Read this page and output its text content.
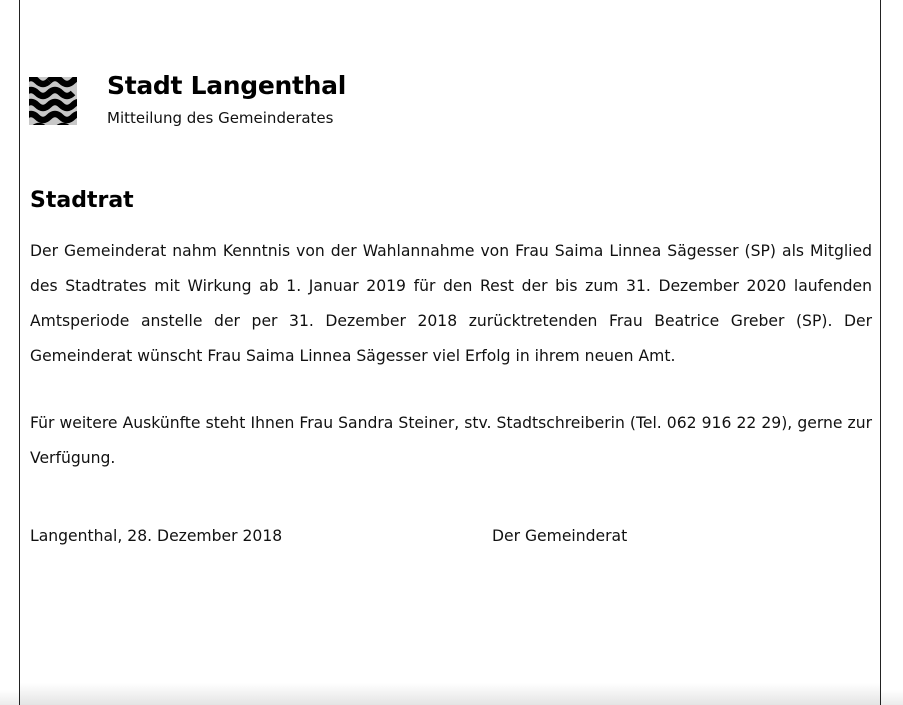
Stadt Langenthal
Mitteilung des Gemeinderates
Stadtrat
Der Gemeinderat nahm Kenntnis von der Wahlannahme von Frau Saima Linnea Sägesser (SP) als Mitglied des Stadtrates mit Wirkung ab 1. Januar 2019 für den Rest der bis zum 31. Dezember 2020 laufenden Amtsperiode anstelle der per 31. Dezember 2018 zurücktretenden Frau Beatrice Greber (SP). Der Gemeinderat wünscht Frau Saima Linnea Sägesser viel Erfolg in ihrem neuen Amt.
Für weitere Auskünfte steht Ihnen Frau Sandra Steiner, stv. Stadtschreiberin (Tel. 062 916 22 29), gerne zur Verfügung.
Langenthal, 28. Dezember 2018	Der Gemeinderat
